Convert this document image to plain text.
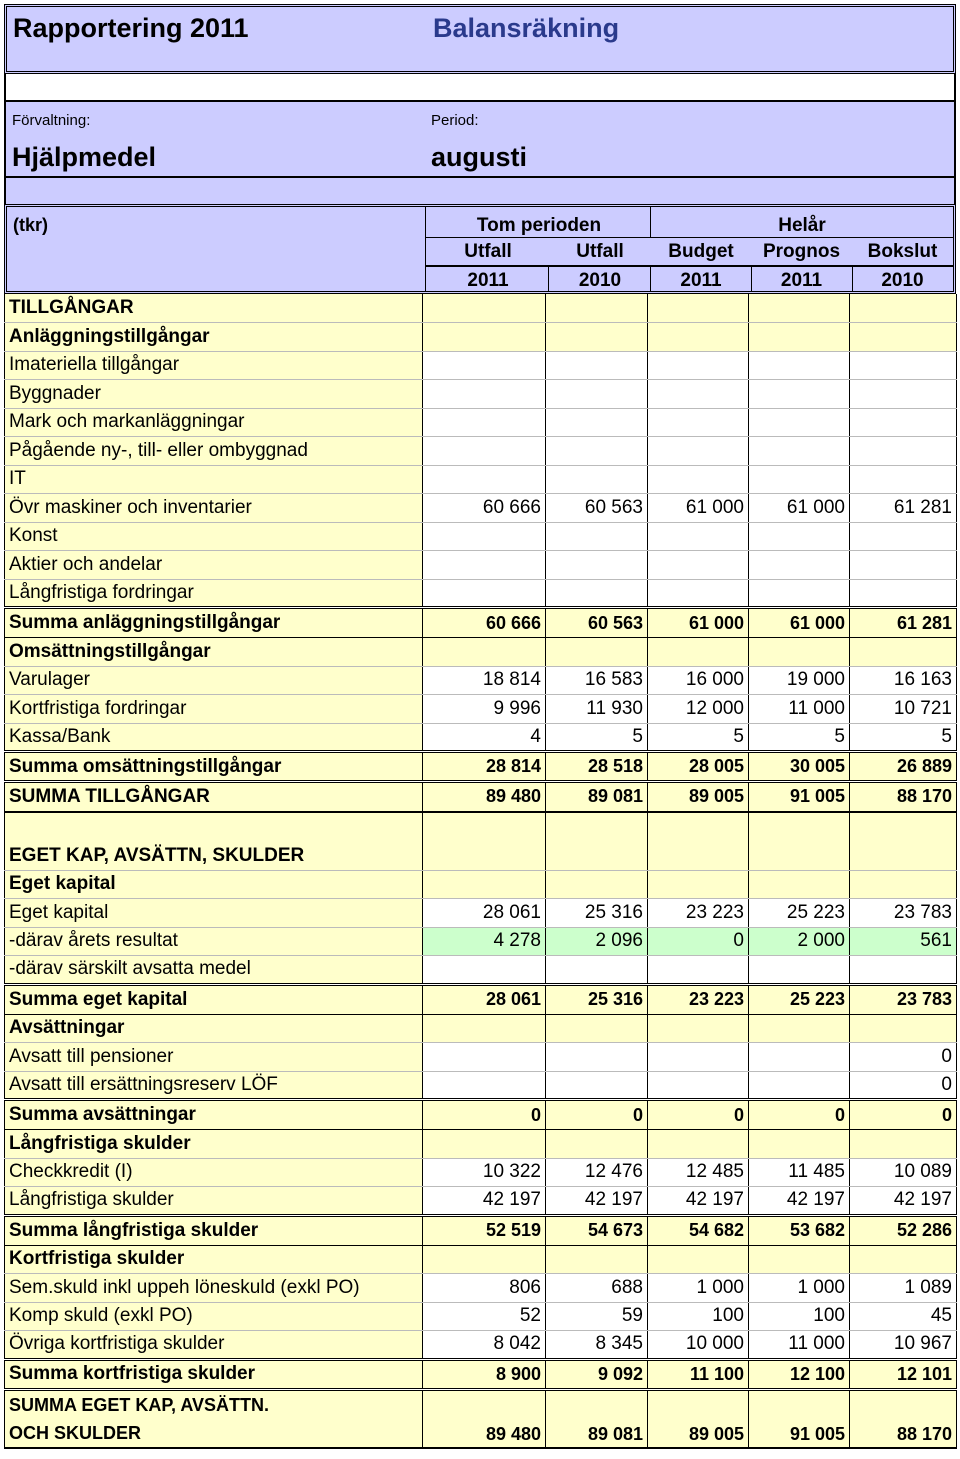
Rapportering 2011	Balansräkning
Förvaltning:
Hjälpmedel
Period:
augusti
(tkr)	Tom perioden	Helår
Utfall	Utfall	Budget	Prognos	Bokslut
2011	2010	2011	2011	2010
TILLGÅNGAR					
Anläggningstillgångar					
Imateriella tillgångar					
Byggnader					
Mark och markanläggningar					
Pågående ny-, till- eller ombyggnad					
IT					
Övr maskiner och inventarier	60 666	60 563	61 000	61 000	61 281
Konst					
Aktier och andelar					
Långfristiga fordringar					
Summa anläggningstillgångar	60 666	60 563	61 000	61 000	61 281
Omsättningstillgångar					
Varulager	18 814	16 583	16 000	19 000	16 163
Kortfristiga fordringar	9 996	11 930	12 000	11 000	10 721
Kassa/Bank	4	5	5	5	5
Summa omsättningstillgångar	28 814	28 518	28 005	30 005	26 889
SUMMA TILLGÅNGAR	89 480	89 081	89 005	91 005	88 170

EGET KAP, AVSÄTTN, SKULDER					
Eget kapital					
Eget kapital	28 061	25 316	23 223	25 223	23 783
-därav årets resultat	4 278	2 096	0	2 000	561
-därav särskilt avsatta medel					
Summa eget kapital	28 061	25 316	23 223	25 223	23 783
Avsättningar					
Avsatt till pensioner					0
Avsatt till ersättningsreserv LÖF					0
Summa avsättningar	0	0	0	0	0
Långfristiga skulder					
Checkkredit (I)	10 322	12 476	12 485	11 485	10 089
Långfristiga skulder	42 197	42 197	42 197	42 197	42 197
Summa långfristiga skulder	52 519	54 673	54 682	53 682	52 286
Kortfristiga skulder					
Sem.skuld inkl uppeh löneskuld (exkl PO)	806	688	1 000	1 000	1 089
Komp skuld (exkl PO)	52	59	100	100	45
Övriga kortfristiga skulder	8 042	8 345	10 000	11 000	10 967
Summa kortfristiga skulder	8 900	9 092	11 100	12 100	12 101

SUMMA EGET KAP, AVSÄTTN.
OCH SKULDER	89 480	89 081	89 005	91 005	88 170
